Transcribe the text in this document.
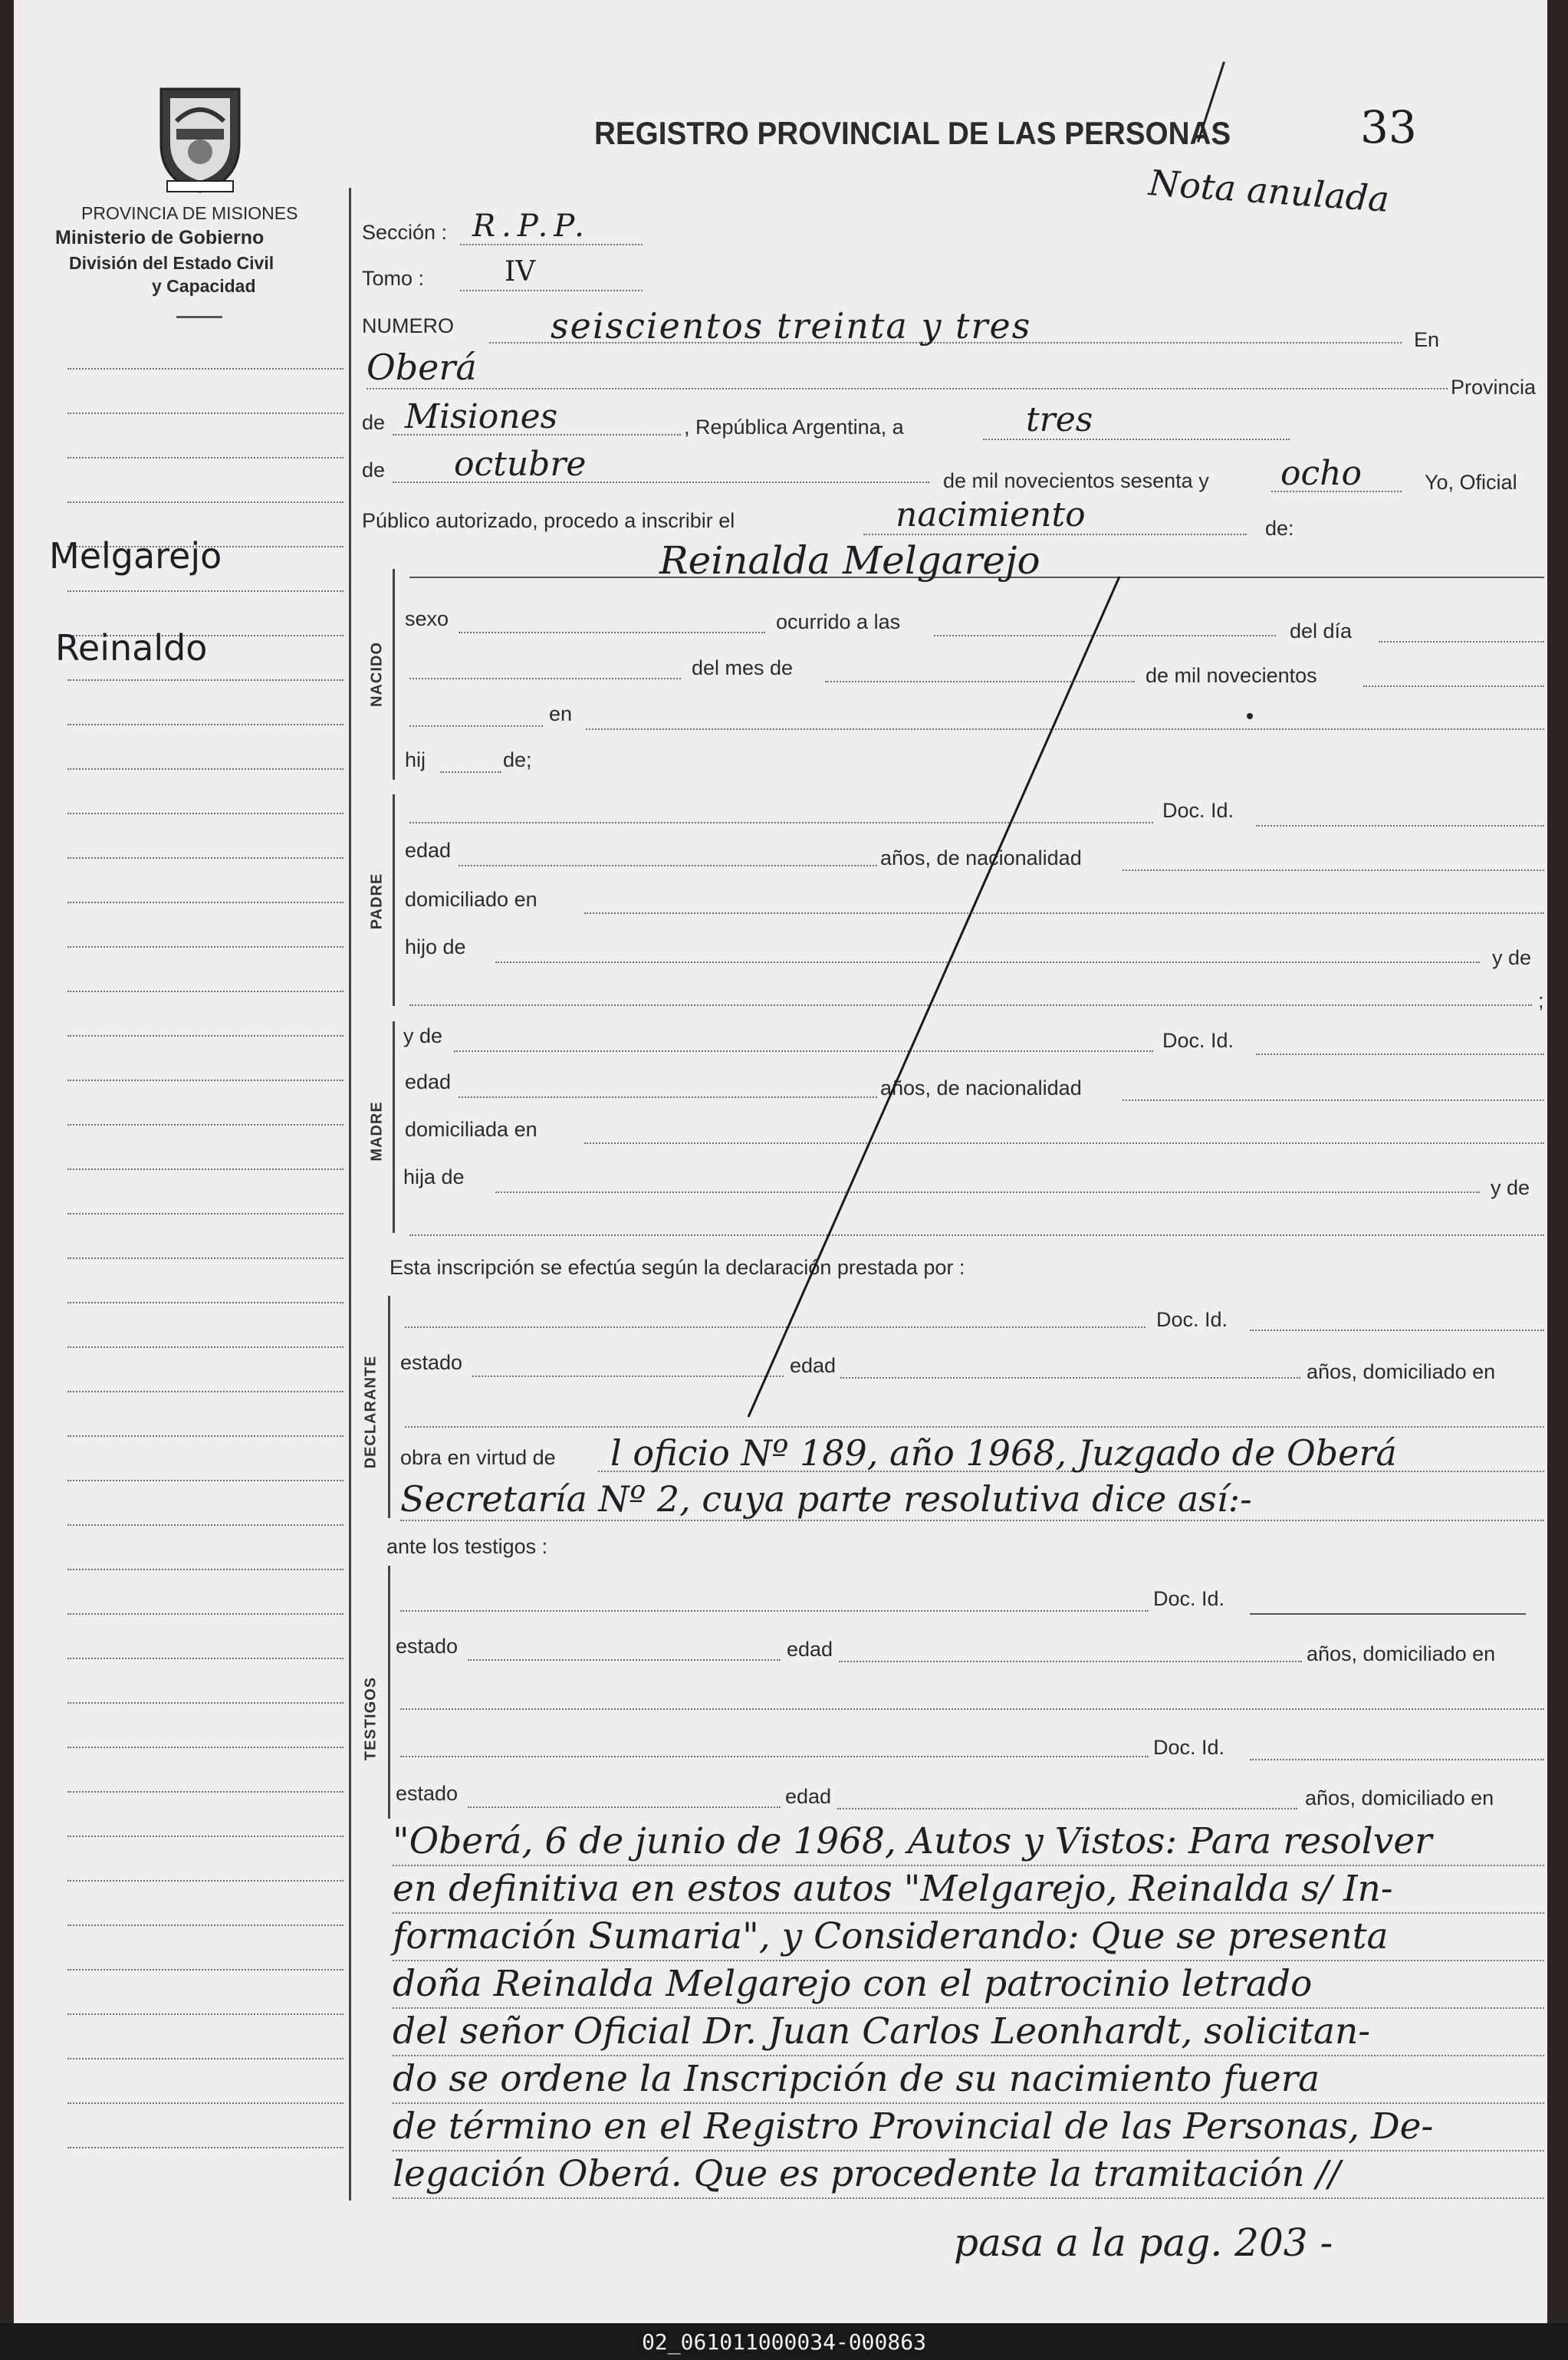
PROVINCIA DE MISIONES
Ministerio de Gobierno
División del Estado Civil
y Capacidad
REGISTRO PROVINCIAL DE LAS PERSONAS	33
Nota anulada
Melgarejo
Reinaldo
Sección : R.P.P.
Tomo :	IV
NUMERO	seiscientos treinta y tres	En
Oberá	Provincia
de Misiones	, República Argentina, a	tres
de octubre	de mil novecientos sesenta y ocho	Yo, Oficial
Público autorizado, procedo a inscribir el	nacimiento	de:
NACIDO
Reinalda Melgarejo
sexo	ocurrido a las	del día
del mes de	de mil novecientos
en
hij	de;
PADRE
Doc. Id.
edad	años, de nacionalidad
domiciliado en
hijo de	y de
;
MADRE
y de	Doc. Id.
edad	años, de nacionalidad
domiciliada en
hija de	y de
Esta inscripción se efectúa según la declaración prestada por :
DECLARANTE
Doc. Id.
estado	edad	años, domiciliado en
obra en virtud de l oficio Nº 189, año 1968, Juzgado de Oberá
Secretaría Nº 2, cuya parte resolutiva dice así:-
ante los testigos :
TESTIGOS
Doc. Id.
estado	edad	años, domiciliado en
Doc. Id.
estado	edad	años, domiciliado en
"Oberá, 6 de junio de 1968, Autos y Vistos: Para resolver
en definitiva en estos autos "Melgarejo, Reinalda s/ In-
formación Sumaria", y Considerando: Que se presenta
doña Reinalda Melgarejo con el patrocinio letrado
del señor Oficial Dr. Juan Carlos Leonhardt, solicitan-
do se ordene la Inscripción de su nacimiento fuera
de término en el Registro Provincial de las Personas, De-
legación Oberá. Que es procedente la tramitación //
pasa a la pag. 203 -
02_061011000034-000863
